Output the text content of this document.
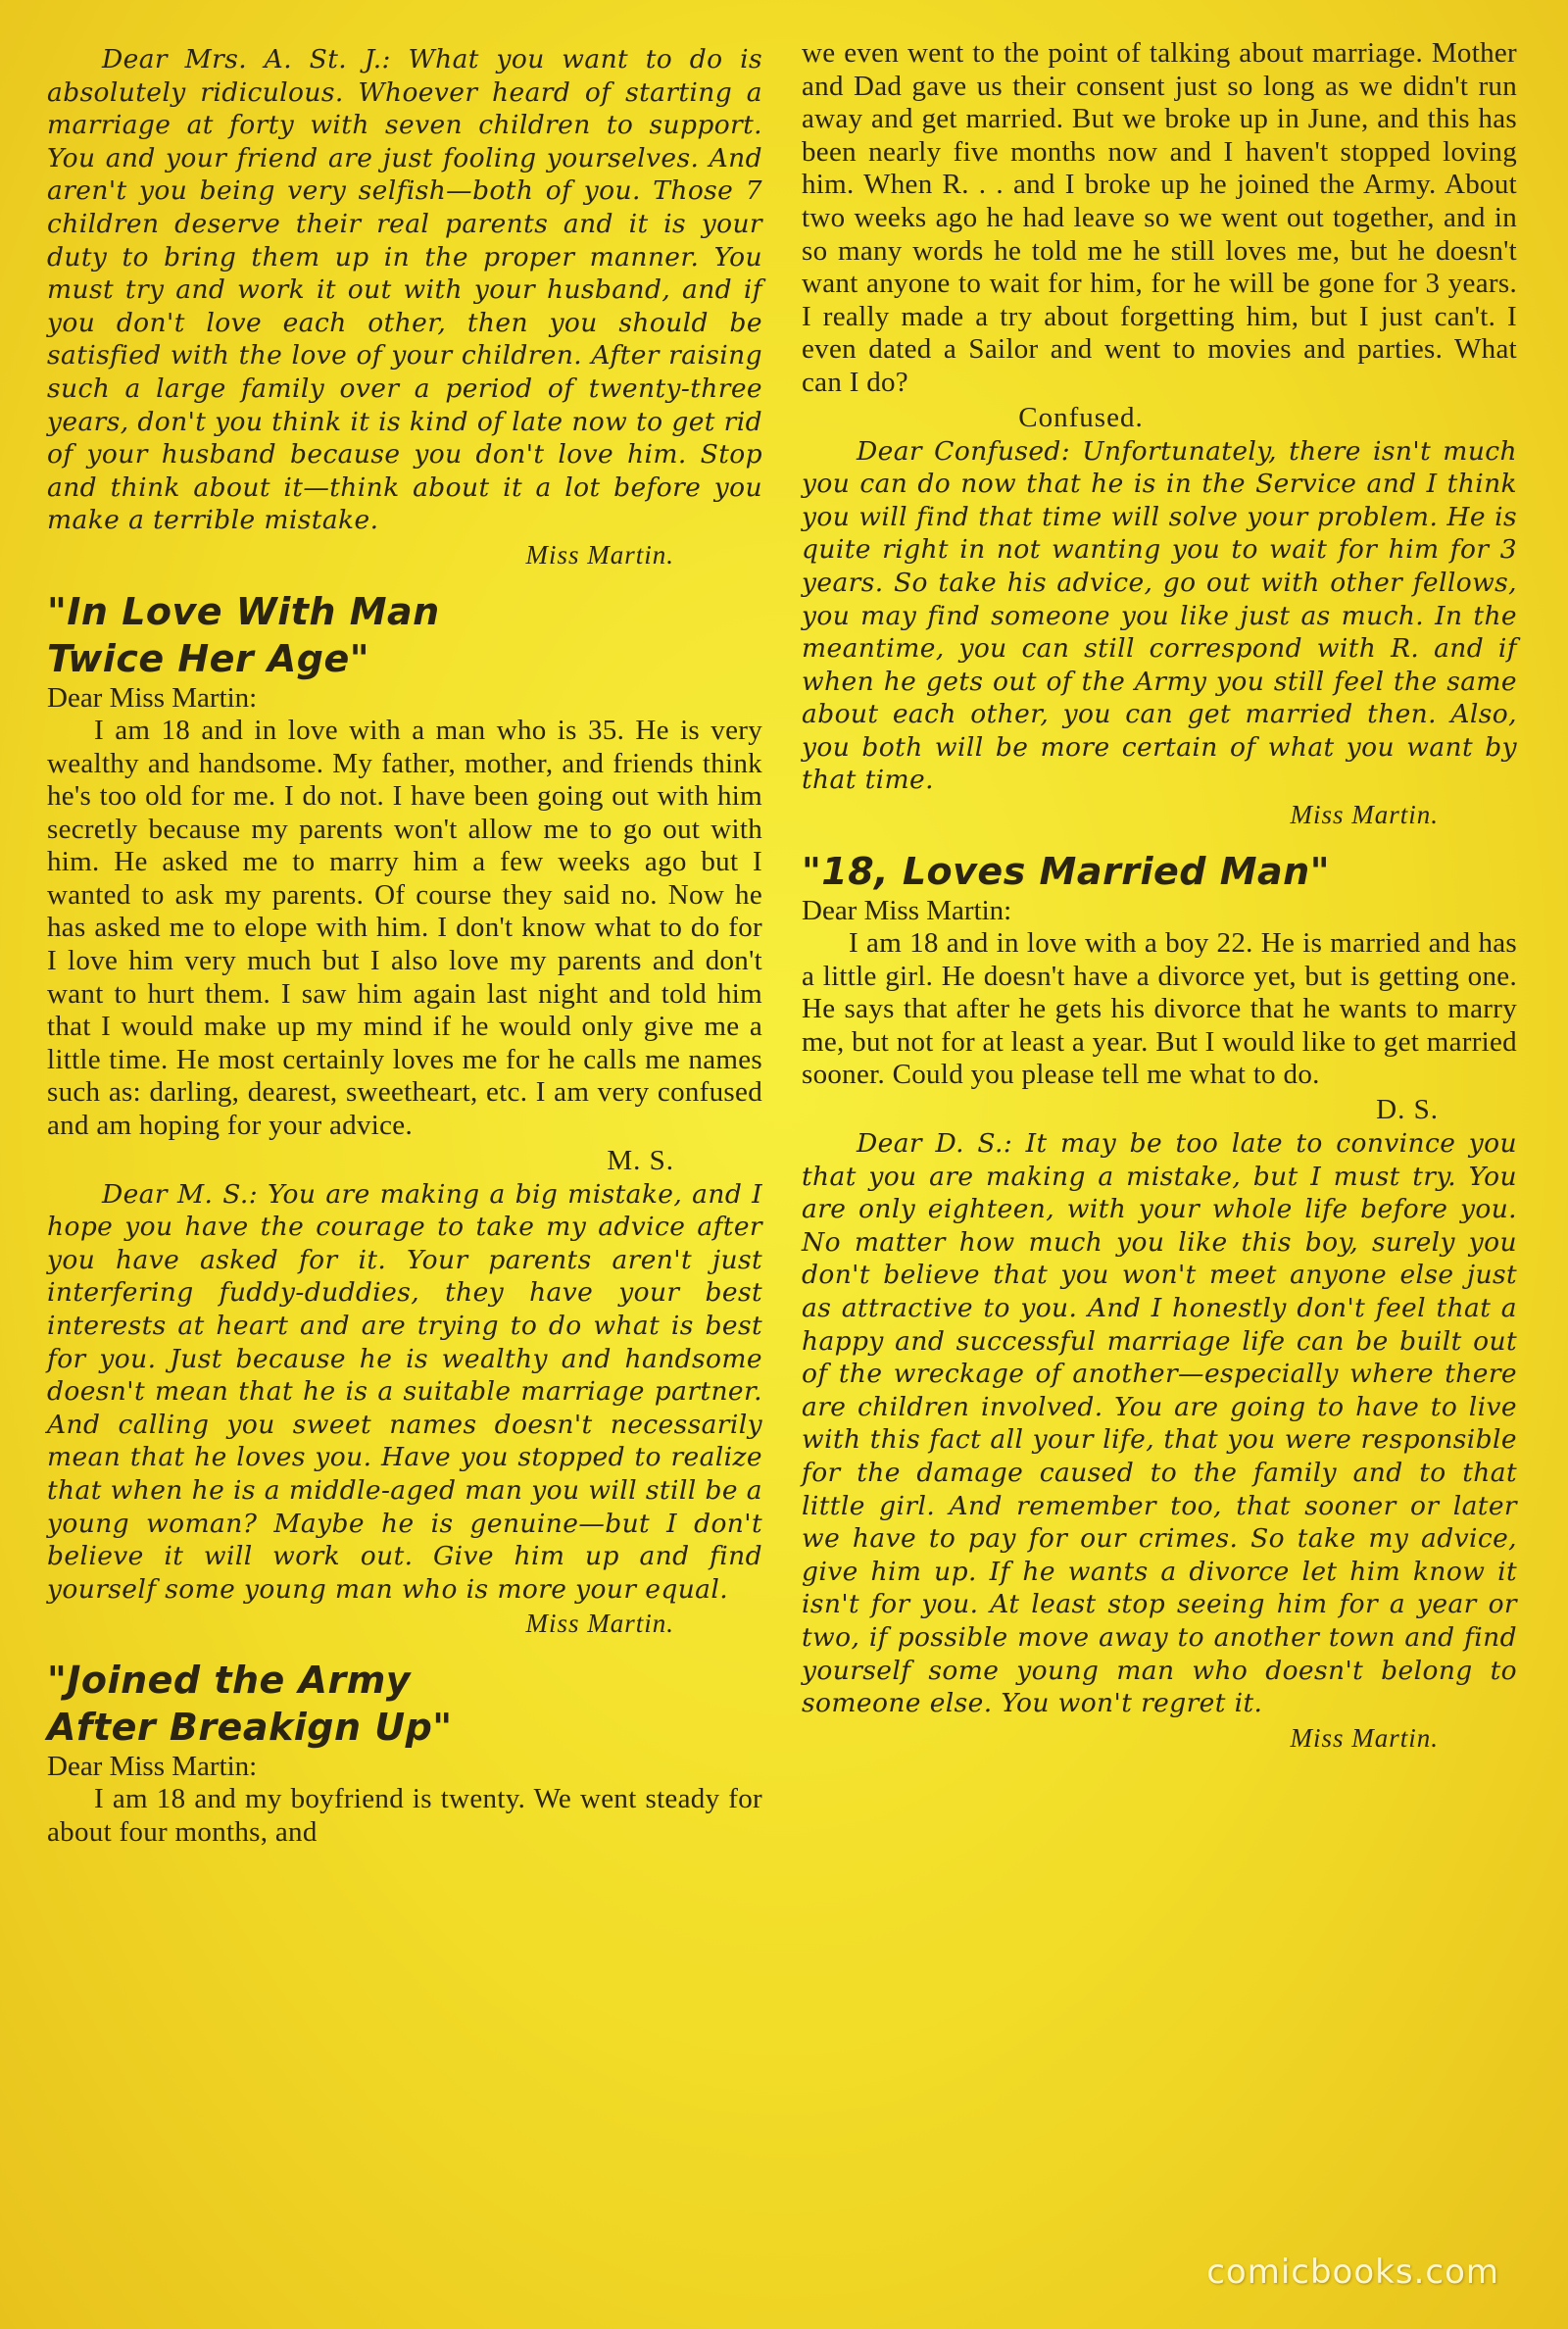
Dear Mrs. A. St. J.: What you want to do is absolutely ridiculous. Whoever heard of starting a marriage at forty with seven children to support. You and your friend are just fooling yourselves. And aren't you being very selfish—both of you. Those 7 children deserve their real parents and it is your duty to bring them up in the proper manner. You must try and work it out with your husband, and if you don't love each other, then you should be satisfied with the love of your children. After raising such a large family over a period of twenty-three years, don't you think it is kind of late now to get rid of your husband because you don't love him. Stop and think about it—think about it a lot before you make a terrible mistake.

Miss Martin.

"In Love With Man
Twice Her Age"

Dear Miss Martin:

I am 18 and in love with a man who is 35. He is very wealthy and handsome. My father, mother, and friends think he's too old for me. I do not. I have been going out with him secretly because my parents won't allow me to go out with him. He asked me to marry him a few weeks ago but I wanted to ask my parents. Of course they said no. Now he has asked me to elope with him. I don't know what to do for I love him very much but I also love my parents and don't want to hurt them. I saw him again last night and told him that I would make up my mind if he would only give me a little time. He most certainly loves me for he calls me names such as: darling, dearest, sweetheart, etc. I am very confused and am hoping for your advice.

M. S.

Dear M. S.: You are making a big mistake, and I hope you have the courage to take my advice after you have asked for it. Your parents aren't just interfering fuddy-duddies, they have your best interests at heart and are trying to do what is best for you. Just because he is wealthy and handsome doesn't mean that he is a suitable marriage partner. And calling you sweet names doesn't necessarily mean that he loves you. Have you stopped to realize that when he is a middle-aged man you will still be a young woman? Maybe he is genuine—but I don't believe it will work out. Give him up and find yourself some young man who is more your equal.

Miss Martin.

"Joined the Army
After Breakign Up"

Dear Miss Martin:

I am 18 and my boyfriend is twenty. We went steady for about four months, and

we even went to the point of talking about marriage. Mother and Dad gave us their consent just so long as we didn't run away and get married. But we broke up in June, and this has been nearly five months now and I haven't stopped loving him. When R. . . and I broke up he joined the Army. About two weeks ago he had leave so we went out together, and in so many words he told me he still loves me, but he doesn't want anyone to wait for him, for he will be gone for 3 years. I really made a try about forgetting him, but I just can't. I even dated a Sailor and went to movies and parties. What can I do?

Confused.

Dear Confused: Unfortunately, there isn't much you can do now that he is in the Service and I think you will find that time will solve your problem. He is quite right in not wanting you to wait for him for 3 years. So take his advice, go out with other fellows, you may find someone you like just as much. In the meantime, you can still correspond with R. and if when he gets out of the Army you still feel the same about each other, you can get married then. Also, you both will be more certain of what you want by that time.

Miss Martin.

"18, Loves Married Man"

Dear Miss Martin:

I am 18 and in love with a boy 22. He is married and has a little girl. He doesn't have a divorce yet, but is getting one. He says that after he gets his divorce that he wants to marry me, but not for at least a year. But I would like to get married sooner. Could you please tell me what to do.

D. S.

Dear D. S.: It may be too late to convince you that you are making a mistake, but I must try. You are only eighteen, with your whole life before you. No matter how much you like this boy, surely you don't believe that you won't meet anyone else just as attractive to you. And I honestly don't feel that a happy and successful marriage life can be built out of the wreckage of another—especially where there are children involved. You are going to have to live with this fact all your life, that you were responsible for the damage caused to the family and to that little girl. And remember too, that sooner or later we have to pay for our crimes. So take my advice, give him up. If he wants a divorce let him know it isn't for you. At least stop seeing him for a year or two, if possible move away to another town and find yourself some young man who doesn't belong to someone else. You won't regret it.

Miss Martin.

comicbooks.com
